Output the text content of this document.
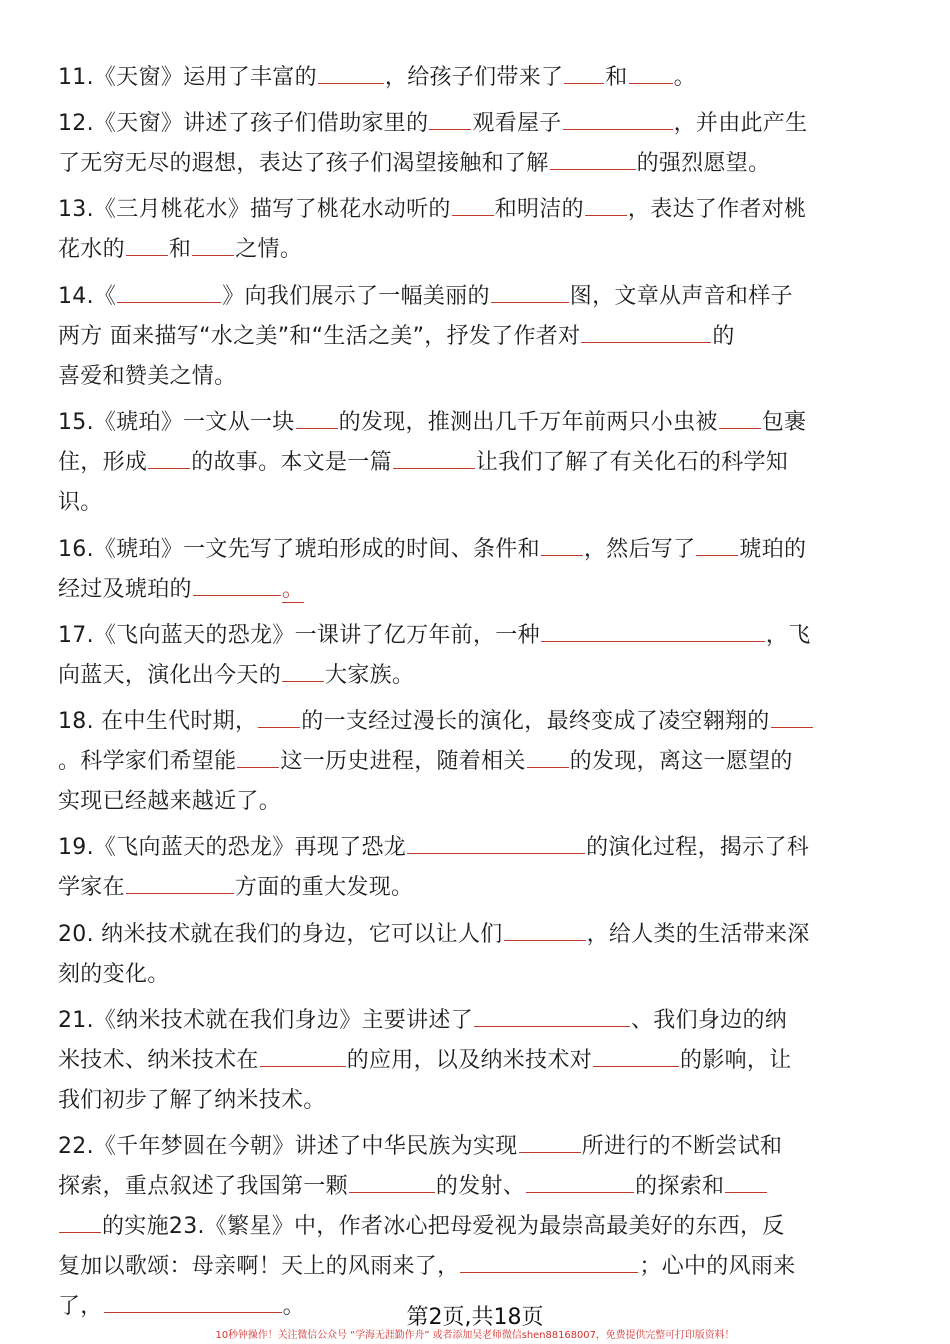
11.《天窗》运用了丰富的	，给孩子们带来了 和 。

12.《天窗》讲述了孩子们借助家里的 观看屋子	，并由此产生

了无穷无尽的遐想，表达了孩子们渴望接触和了解	的强烈愿望。

13.《三月桃花水》描写了桃花水动听的 和明洁的 ，表达了作者对桃

花水的 和 之情。

14.《	》向我们展示了一幅美丽的	图，文章从声音和样子

两方 面来描写“水之美”和“生活之美”，抒发了作者对	的

喜爱和赞美之情。

15.《琥珀》一文从一块 的发现，推测出几千万年前两只小虫被 包裹

住，形成 的故事。本文是一篇	让我们了解了有关化石的科学知

识。

16.《琥珀》一文先写了琥珀形成的时间、条件和 ，然后写了 琥珀的

经过及琥珀的	。

17.《飞向蓝天的恐龙》一课讲了亿万年前，一种	，飞

向蓝天，演化出今天的 大家族。

18. 在中生代时期， 的一支经过漫长的演化，最终变成了凌空翱翔的

。科学家们希望能 这一历史进程，随着相关 的发现，离这一愿望的

实现已经越来越近了。

19.《飞向蓝天的恐龙》再现了恐龙	的演化过程，揭示了科

学家在	方面的重大发现。

20. 纳米技术就在我们的身边，它可以让人们	，给人类的生活带来深

刻的变化。

21.《纳米技术就在我们身边》主要讲述了	、我们身边的纳

米技术、纳米技术在	的应用，以及纳米技术对	的影响，让

我们初步了解了纳米技术。

22.《千年梦圆在今朝》讲述了中华民族为实现	所进行的不断尝试和

探索，重点叙述了我国第一颗	的发射、	的探索和

的实施23.《繁星》中，作者冰心把母爱视为最崇高最美好的东西，反

复加以歌颂：母亲啊！天上的风雨来了，	；心中的风雨来

了，	。	第2页,共18页
10秒钟操作！关注微信公众号 “学海无涯勤作舟” 或者添加吴老师微信shen88168007，免费提供完整可打印版资料！
